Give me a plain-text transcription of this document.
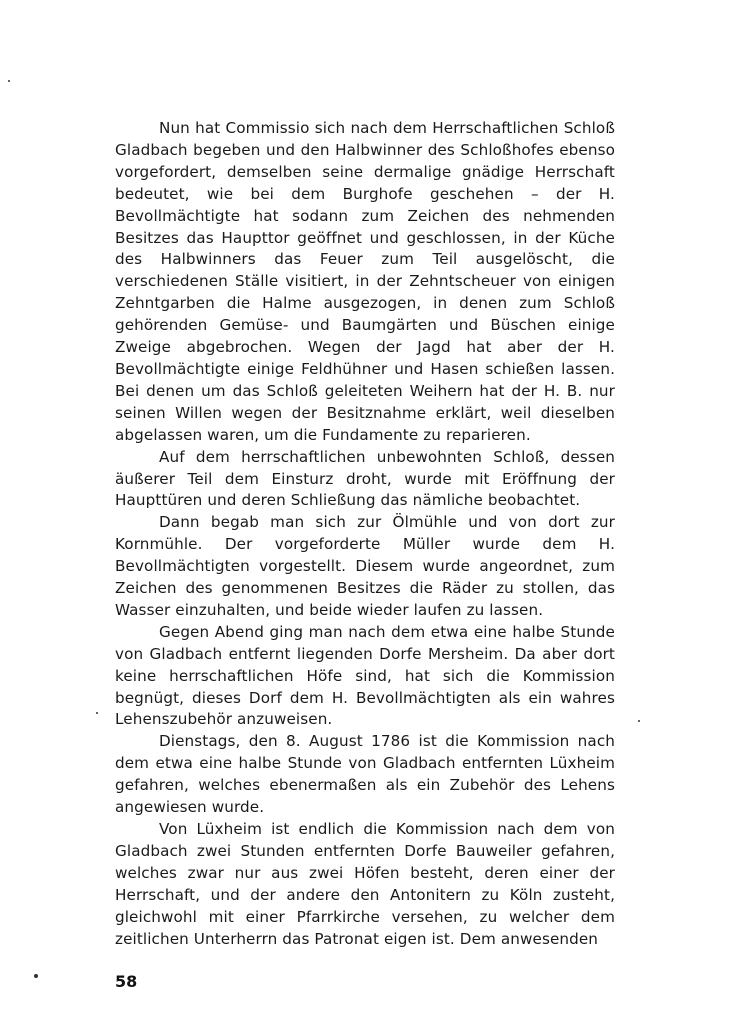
Nun hat Commissio sich nach dem Herrschaftlichen Schloß Gladbach begeben und den Halbwinner des Schloßhofes ebenso vorgefordert, demselben seine dermalige gnädige Herrschaft bedeutet, wie bei dem Burghofe geschehen – der H. Bevollmächtigte hat sodann zum Zeichen des nehmenden Besitzes das Haupttor geöffnet und geschlossen, in der Küche des Halbwinners das Feuer zum Teil ausgelöscht, die verschiedenen Ställe visitiert, in der Zehntscheuer von einigen Zehntgarben die Halme ausgezogen, in denen zum Schloß gehörenden Gemüse- und Baumgärten und Büschen einige Zweige abgebrochen. Wegen der Jagd hat aber der H. Bevollmächtigte einige Feldhühner und Hasen schießen lassen. Bei denen um das Schloß geleiteten Weihern hat der H. B. nur seinen Willen wegen der Besitznahme erklärt, weil dieselben abgelassen waren, um die Fundamente zu reparieren.

Auf dem herrschaftlichen unbewohnten Schloß, dessen äußerer Teil dem Einsturz droht, wurde mit Eröffnung der Haupttüren und deren Schließung das nämliche beobachtet.

Dann begab man sich zur Ölmühle und von dort zur Kornmühle. Der vorgeforderte Müller wurde dem H. Bevollmächtigten vorgestellt. Diesem wurde angeordnet, zum Zeichen des genommenen Besitzes die Räder zu stollen, das Wasser einzuhalten, und beide wieder laufen zu lassen.

Gegen Abend ging man nach dem etwa eine halbe Stunde von Gladbach entfernt liegenden Dorfe Mersheim. Da aber dort keine herrschaftlichen Höfe sind, hat sich die Kommission begnügt, dieses Dorf dem H. Bevollmächtigten als ein wahres Lehenszubehör anzuweisen.

Dienstags, den 8. August 1786 ist die Kommission nach dem etwa eine halbe Stunde von Gladbach entfernten Lüxheim gefahren, welches ebenermaßen als ein Zubehör des Lehens angewiesen wurde.

Von Lüxheim ist endlich die Kommission nach dem von Gladbach zwei Stunden entfernten Dorfe Bauweiler gefahren, welches zwar nur aus zwei Höfen besteht, deren einer der Herrschaft, und der andere den Antonitern zu Köln zusteht, gleichwohl mit einer Pfarrkirche versehen, zu welcher dem zeitlichen Unterherrn das Patronat eigen ist. Dem anwesenden

58
